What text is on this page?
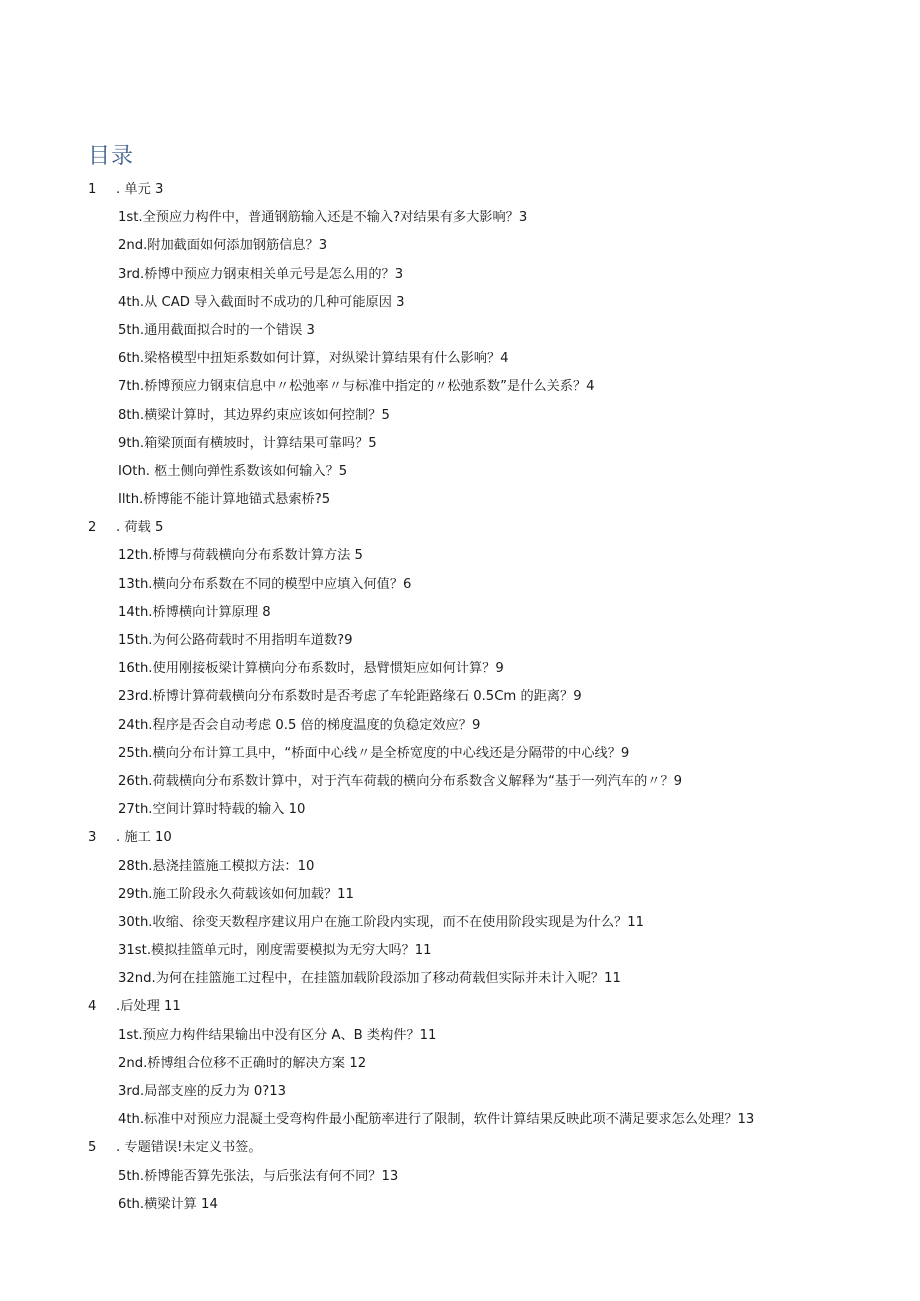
目录
1 . 单元 3
1st.全预应力构件中，普通钢筋输入还是不输入?对结果有多大影响？3
2nd.附加截面如何添加钢筋信息？3
3rd.桥博中预应力钢束相关单元号是怎么用的？3
4th.从 CAD 导入截面时不成功的几种可能原因 3
5th.通用截面拟合时的一个错误 3
6th.梁格模型中扭矩系数如何计算，对纵梁计算结果有什么影响？4
7th.桥博预应力钢束信息中〃松弛率〃与标准中指定的〃松弛系数”是什么关系？4
8th.横梁计算时，其边界约束应该如何控制？5
9th.箱梁顶面有横坡时，计算结果可靠吗？5
IOth. 柩土侧向弹性系数该如何输入？5
Ilth.桥博能不能计算地锚式悬索桥?5
2 . 荷载 5
12th.桥博与荷载横向分布系数计算方法 5
13th.横向分布系数在不同的模型中应填入何值？6
14th.桥博横向计算原理 8
15th.为何公路荷载时不用指明车道数?9
16th.使用刚接板梁计算横向分布系数时，悬臂惯矩应如何计算？9
23rd.桥博计算荷载横向分布系数时是否考虑了车轮距路缘石 0.5Cm 的距离？9
24th.程序是否会自动考虑 0.5 倍的梯度温度的负稳定效应？9
25th.横向分布计算工具中，“桥面中心线〃是全桥宽度的中心线还是分隔带的中心线？9
26th.荷载横向分布系数计算中，对于汽车荷载的横向分布系数含义解释为“基于一列汽车的〃？9
27th.空间计算时特载的输入 10
3 . 施工 10
28th.悬浇挂篮施工模拟方法：10
29th.施工阶段永久荷载该如何加载？11
30th.收缩、徐变天数程序建议用户在施工阶段内实现，而不在使用阶段实现是为什么？11
31st.模拟挂篮单元时，刚度需要模拟为无穷大吗？11
32nd.为何在挂篮施工过程中，在挂篮加载阶段添加了移动荷载但实际并未计入呢？11
4 .后处理 11
1st.预应力构件结果输出中没有区分 A、B 类构件？11
2nd.桥博组合位移不正确时的解决方案 12
3rd.局部支座的反力为 0?13
4th.标准中对预应力混凝土受弯构件最小配筋率进行了限制，软件计算结果反映此项不满足要求怎么处理？13
5 . 专题错误!未定义书签。
5th.桥博能否算先张法，与后张法有何不同？13
6th.横梁计算 14
